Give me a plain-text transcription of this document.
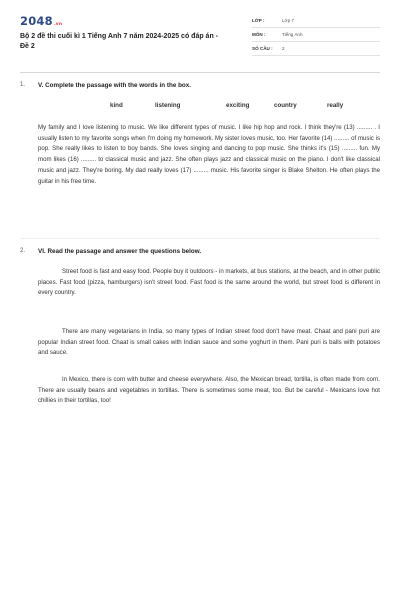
2048.vn
Bộ 2 đề thi cuối kì 1 Tiếng Anh 7 năm 2024-2025 có đáp án - Đề 2
LỚP :	Lớp 7
MÔN :	Tiếng Anh
SỐ CÂU : 2
1. V. Complete the passage with the words in the box.
kind	listening	exciting	country	really

My family and I love listening to music. We like different types of music. I like hip hop and rock. I think they're (13) ......... . I usually listen to my favorite songs when I'm doing my homework. My sister loves music, too. Her favorite (14) ......... of music is pop. She really likes to listen to boy bands. She loves singing and dancing to pop music. She thinks it's (15) ......... fun. My mom likes (16) ......... to classical music and jazz. She often plays jazz and classical music on the piano. I don't like classical music and jazz. They're boring. My dad really loves (17) ......... music. His favorite singer is Blake Shelton. He often plays the guitar in his free time.

2. VI. Read the passage and answer the questions below.

Street food is fast and easy food. People buy it outdoors - in markets, at bus stations, at the beach, and in other public places. Fast food (pizza, hamburgers) isn't street food. Fast food is the same around the world, but street food is different in every country.

There are many vegetarians in India, so many types of Indian street food don't have meat. Chaat and pani puri are popular Indian street food. Chaat is small cakes with Indian sauce and some yoghurt in them. Pani puri is balls with potatoes and sauce.

In Mexico, there is corn with butter and cheese everywhere. Also, the Mexican bread, tortilla, is often made from corn. There are usually beans and vegetables in tortillas. There is sometimes some meat, too. But be careful - Mexicans love hot chillies in their tortillas, too!
